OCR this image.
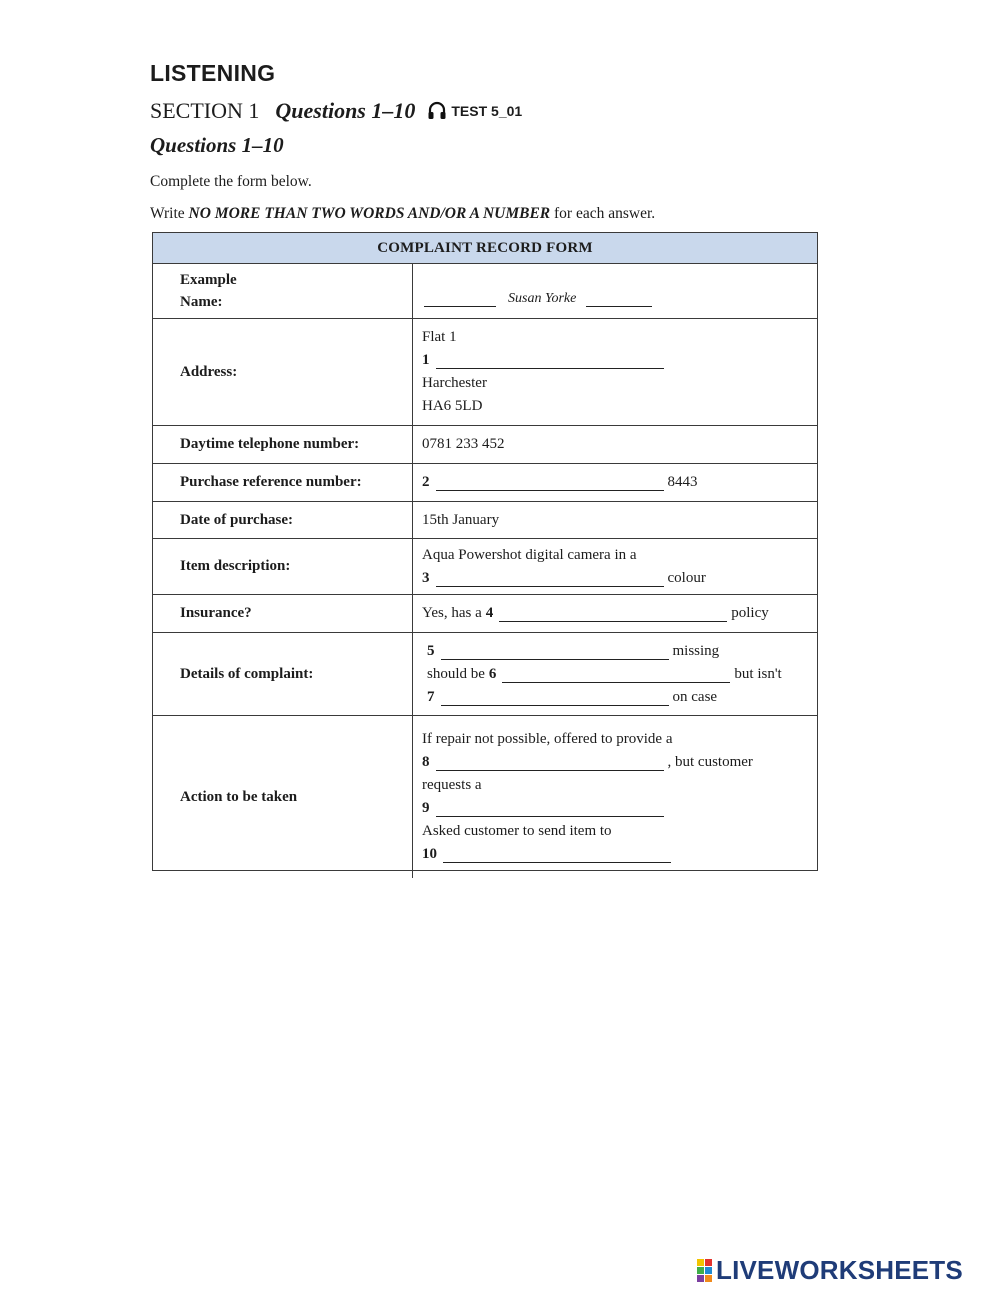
LISTENING
SECTION 1 Questions 1–10	TEST 5_01
Questions 1–10
Complete the form below.
Write NO MORE THAN TWO WORDS AND/OR A NUMBER for each answer.
COMPLAINT RECORD FORM
Example
Name:	Susan Yorke
Address:
Flat 1
1
Harchester
HA6 5LD
Daytime telephone number:	0781 233 452
Purchase reference number:	2	8443
Date of purchase:	15th January
Item description:
Aqua Powershot digital camera in a
3	colour
Insurance?	Yes, has a 4	policy
Details of complaint:
5	missing
should be 6	but isn't
7	on case
Action to be taken
If repair not possible, offered to provide a
8	, but customer
requests a
9
Asked customer to send item to
10
LIVEWORKSHEETS
